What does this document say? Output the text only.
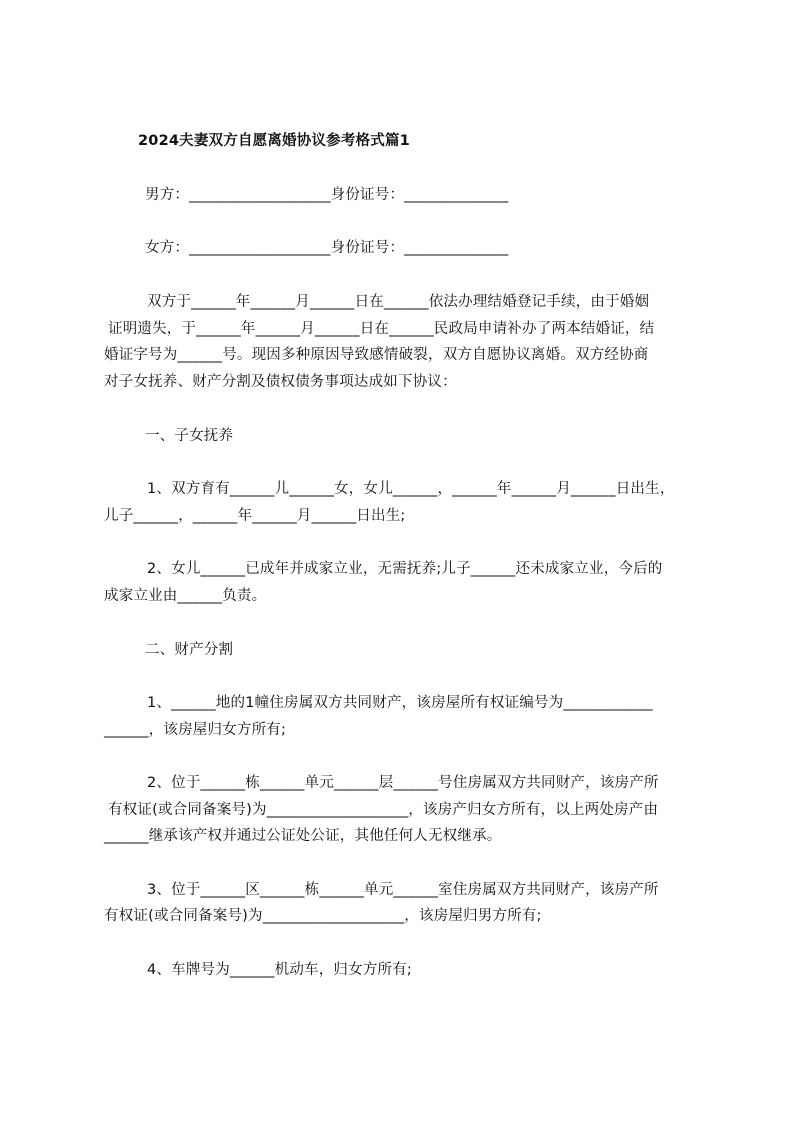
2024夫妻双方自愿离婚协议参考格式篇1
男方：___________________身份证号：______________
女方：___________________身份证号：______________
双方于______年______月______日在______依法办理结婚登记手续，由于婚姻
证明遗失，于______年______月______日在______民政局申请补办了两本结婚证，结
婚证字号为______号。现因多种原因导致感情破裂，双方自愿协议离婚。双方经协商
对子女抚养、财产分割及债权债务事项达成如下协议：
一、子女抚养
1、双方育有______儿______女，女儿______，______年______月______日出生，
儿子______，______年______月______日出生;
2、女儿______已成年并成家立业，无需抚养;儿子______还未成家立业，今后的
成家立业由______负责。
二、财产分割
1、______地的1幢住房属双方共同财产，该房屋所有权证编号为____________
______，该房屋归女方所有;
2、位于______栋______单元______层______号住房属双方共同财产，该房产所
有权证(或合同备案号)为___________________，该房产归女方所有，以上两处房产由
______继承该产权并通过公证处公证，其他任何人无权继承。
3、位于______区______栋______单元______室住房属双方共同财产，该房产所
有权证(或合同备案号)为___________________，该房屋归男方所有;
4、车牌号为______机动车，归女方所有;
